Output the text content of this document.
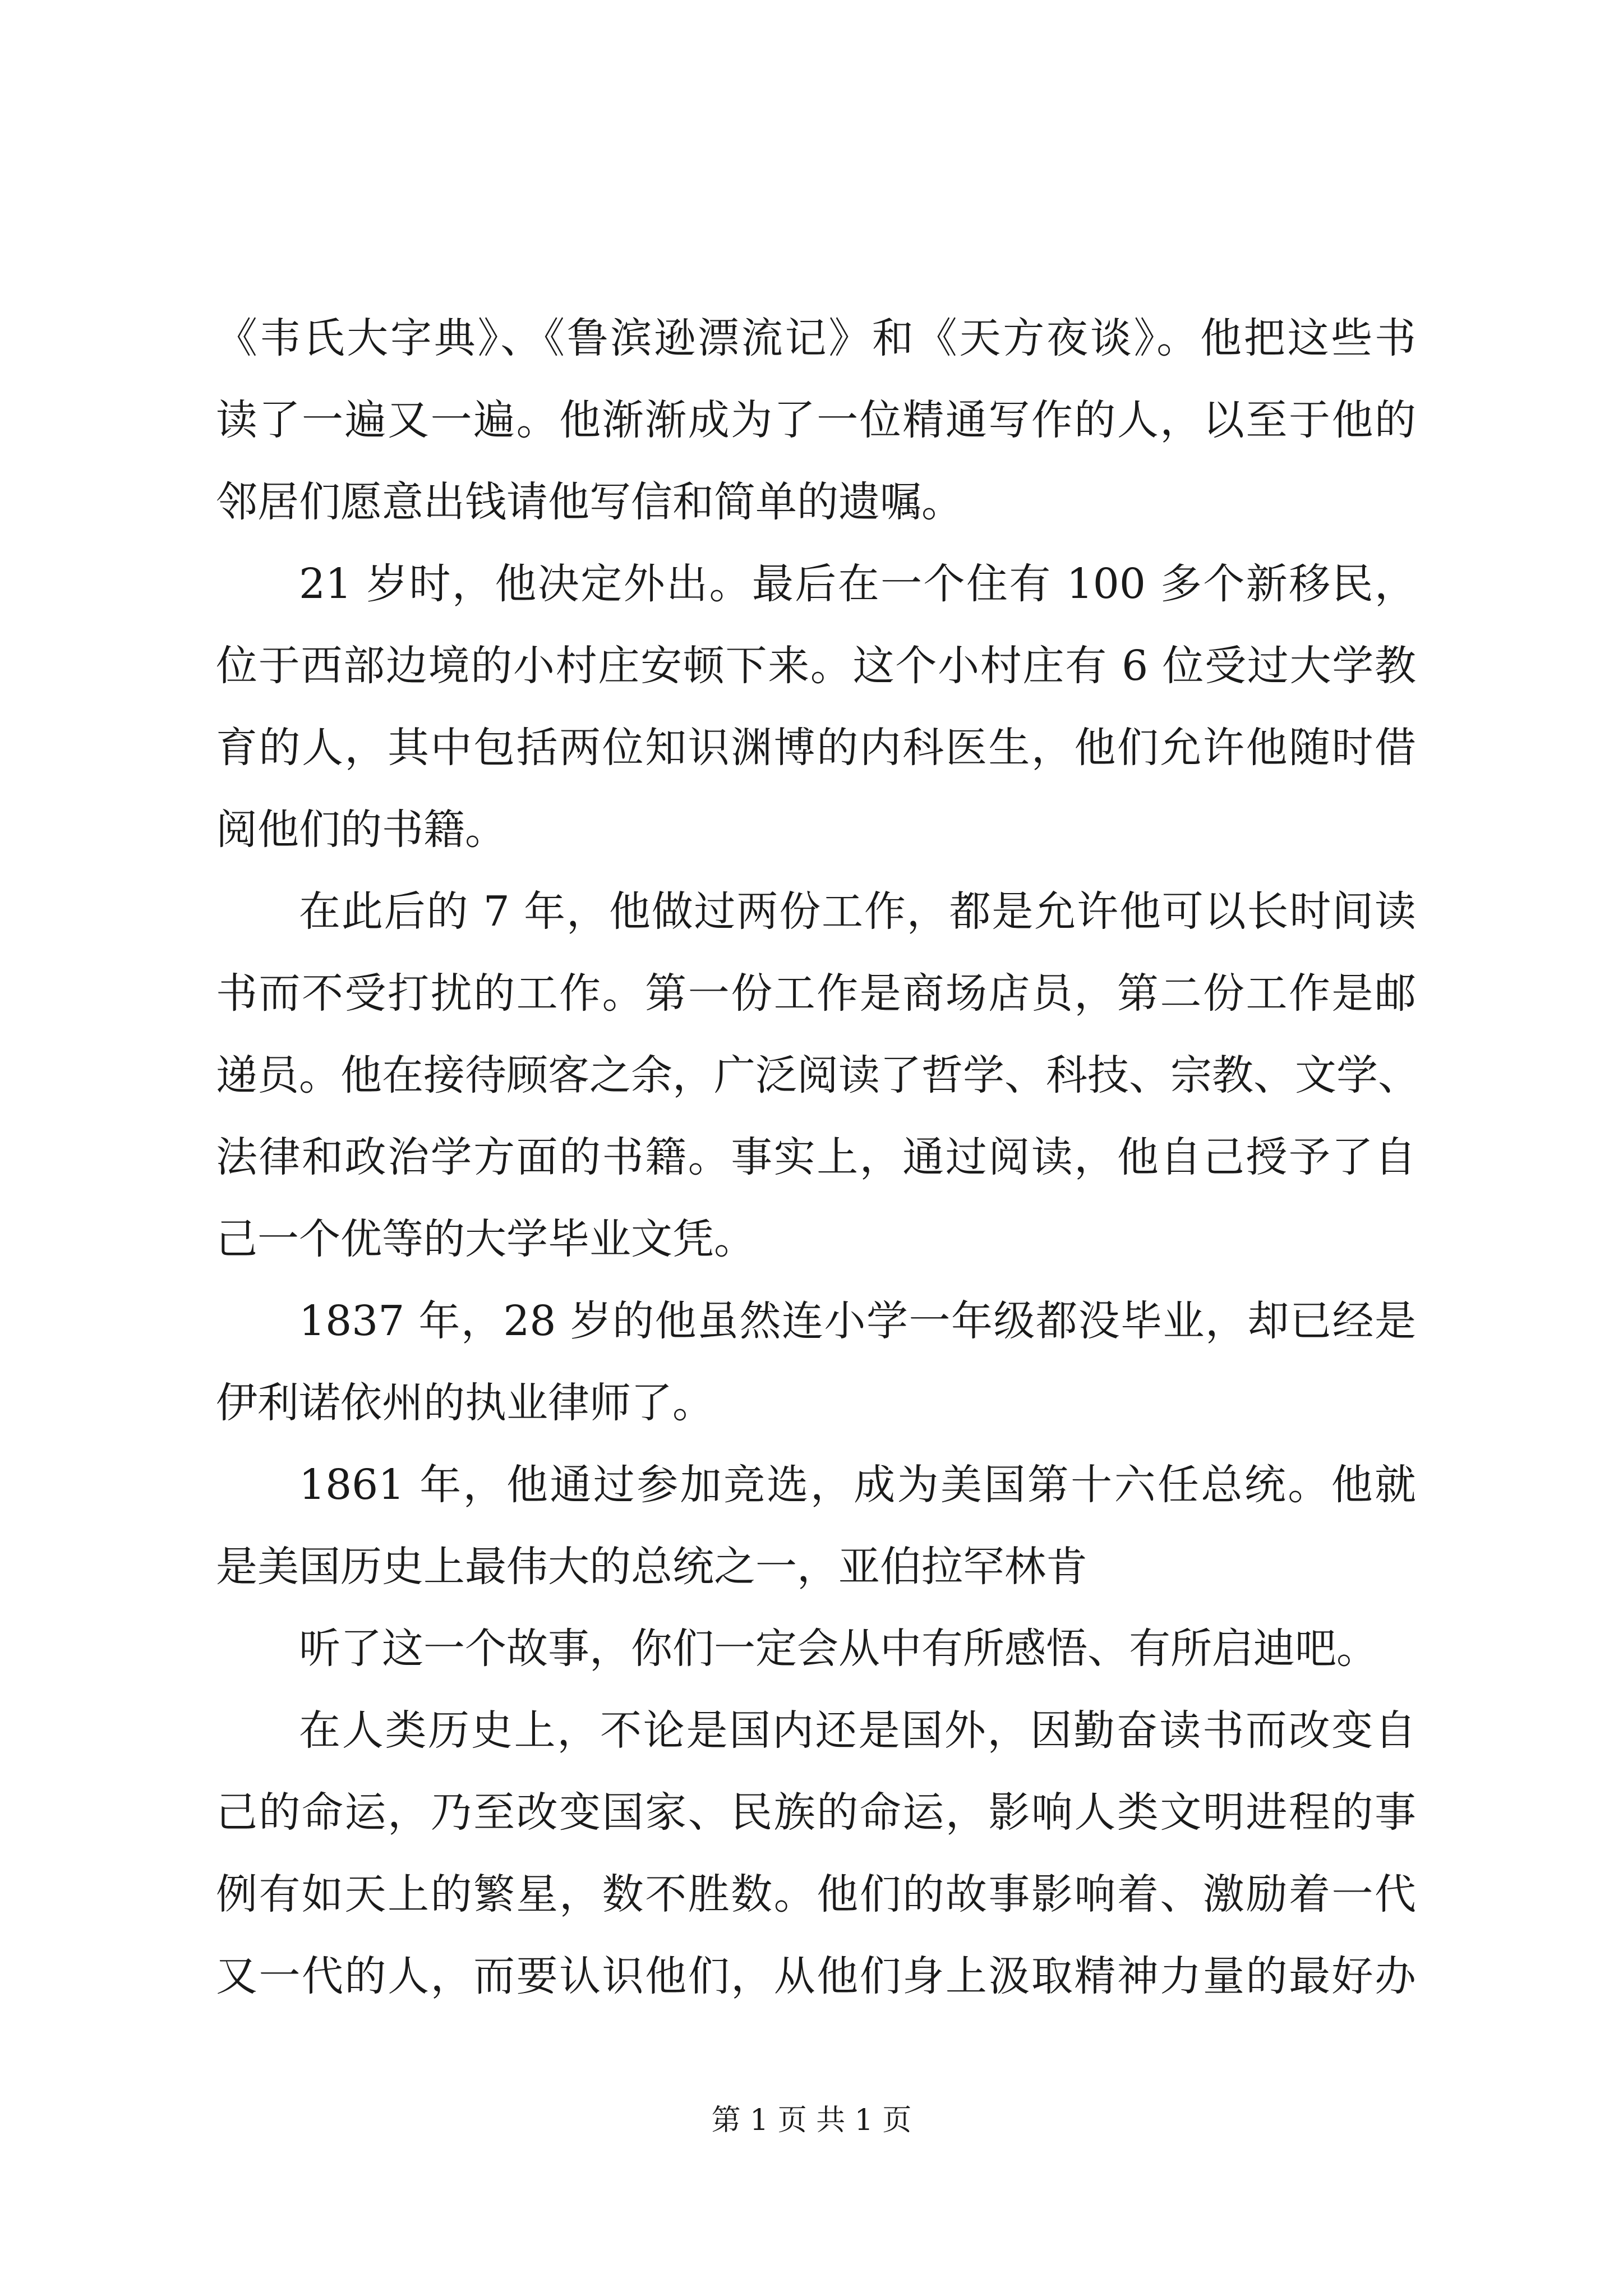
《韦氏大字典》、《鲁滨逊漂流记》和《天方夜谈》。他把这些书
读了一遍又一遍。他渐渐成为了一位精通写作的人，以至于他的
邻居们愿意出钱请他写信和简单的遗嘱。
21 岁时，他决定外出。最后在一个住有 100 多个新移民，
位于西部边境的小村庄安顿下来。这个小村庄有 6 位受过大学教
育的人，其中包括两位知识渊博的内科医生，他们允许他随时借
阅他们的书籍。
在此后的 7 年，他做过两份工作，都是允许他可以长时间读
书而不受打扰的工作。第一份工作是商场店员，第二份工作是邮
递员。他在接待顾客之余，广泛阅读了哲学、科技、宗教、文学、
法律和政治学方面的书籍。事实上，通过阅读，他自己授予了自
己一个优等的大学毕业文凭。
1837 年，28 岁的他虽然连小学一年级都没毕业，却已经是
伊利诺依州的执业律师了。
1861 年，他通过参加竞选，成为美国第十六任总统。他就
是美国历史上最伟大的总统之一，亚伯拉罕林肯
听了这一个故事，你们一定会从中有所感悟、有所启迪吧。
在人类历史上，不论是国内还是国外，因勤奋读书而改变自
己的命运，乃至改变国家、民族的命运，影响人类文明进程的事
例有如天上的繁星，数不胜数。他们的故事影响着、激励着一代
又一代的人，而要认识他们，从他们身上汲取精神力量的最好办
第 1 页 共 1 页
